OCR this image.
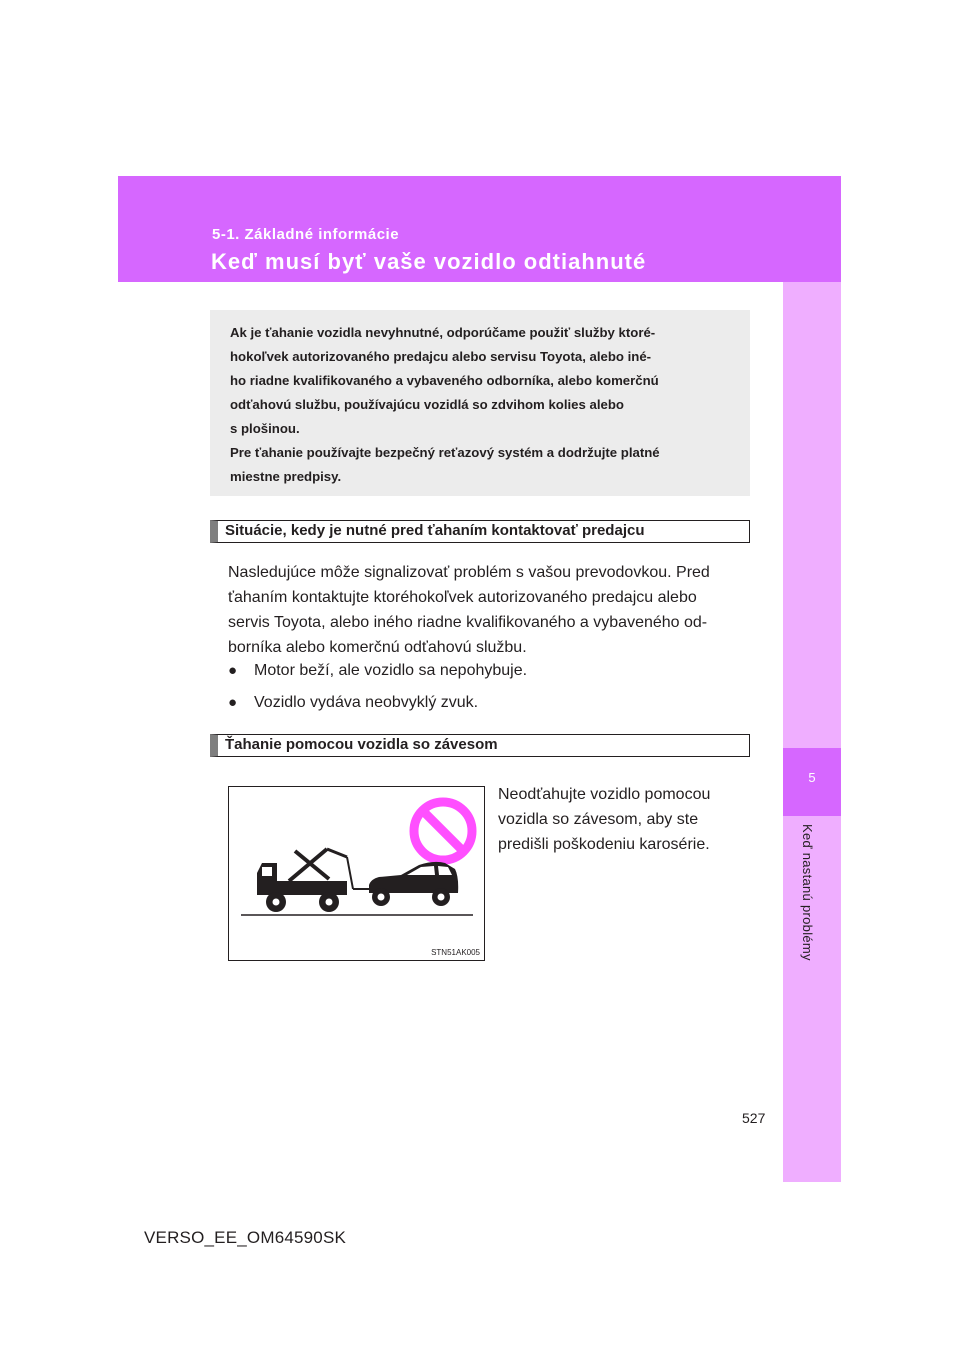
5-1. Základné informácie
Keď musí byť vaše vozidlo odtiahnuté
5
Keď nastanú problémy

Ak je ťahanie vozidla nevyhnutné, odporúčame použiť služby ktoré-
hokoľvek autorizovaného predajcu alebo servisu Toyota, alebo iné-
ho riadne kvalifikovaného a vybaveného odborníka, alebo komerčnú
odťahovú službu, používajúcu vozidlá so zdvihom kolies alebo
s plošinou.
Pre ťahanie používajte bezpečný reťazový systém a dodržujte platné
miestne predpisy.

Situácie, kedy je nutné pred ťahaním kontaktovať predajcu
Nasledujúce môže signalizovať problém s vašou prevodovkou. Pred
ťahaním kontaktujte ktoréhokoľvek autorizovaného predajcu alebo
servis Toyota, alebo iného riadne kvalifikovaného a vybaveného od-
borníka alebo komerčnú odťahovú službu.
● Motor beží, ale vozidlo sa nepohybuje.
● Vozidlo vydáva neobvyklý zvuk.
Ťahanie pomocou vozidla so závesom
STN51AK005
Neodťahujte vozidlo pomocou
vozidla so závesom, aby ste
predišli poškodeniu karosérie.
527
VERSO_EE_OM64590SK
